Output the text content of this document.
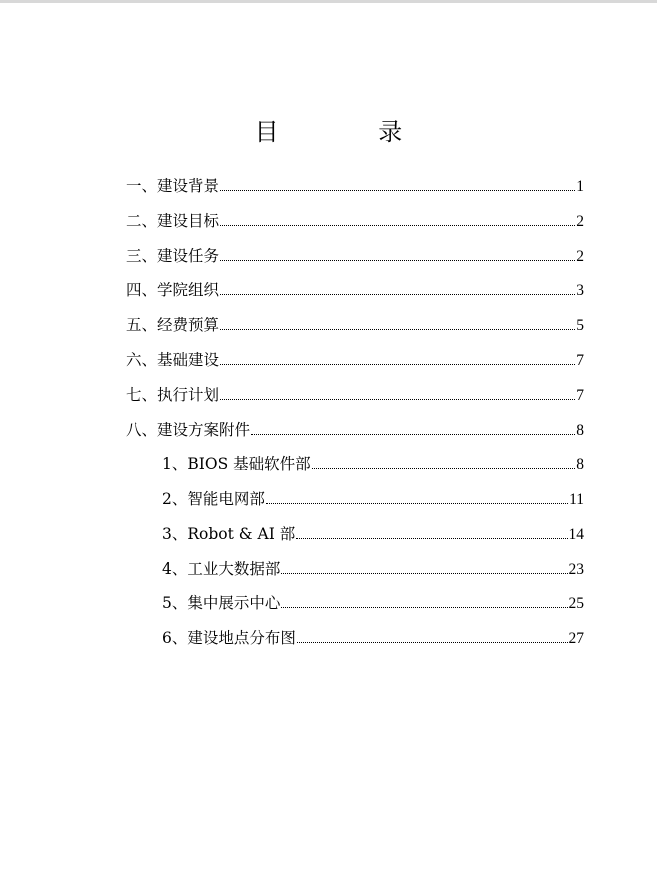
目 录
一、建设背景	1
二、建设目标	2
三、建设任务	2
四、学院组织	3
五、经费预算	5
六、基础建设	7
七、执行计划	7
八、建设方案附件	8
1、BIOS 基础软件部	8
2、智能电网部	11
3、Robot & AI 部	14
4、工业大数据部	23
5、集中展示中心	25
6、建设地点分布图	27
